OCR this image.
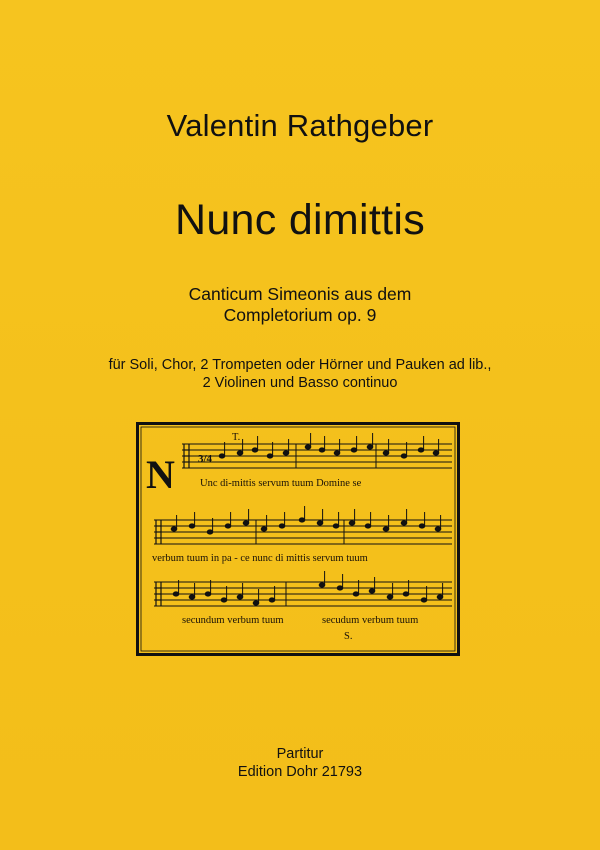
Valentin Rathgeber
Nunc dimittis
Canticum Simeonis aus dem
Completorium op. 9
für Soli, Chor, 2 Trompeten oder Hörner und Pauken ad lib.,
2 Violinen und Basso continuo
N
T.
3/4
Unc di-mittis servum tuum Domine se
verbum tuum in pa - ce nunc di mittis servum tuum
secundum verbum tuum	secudum verbum tuum
S.
Partitur
Edition Dohr 21793
